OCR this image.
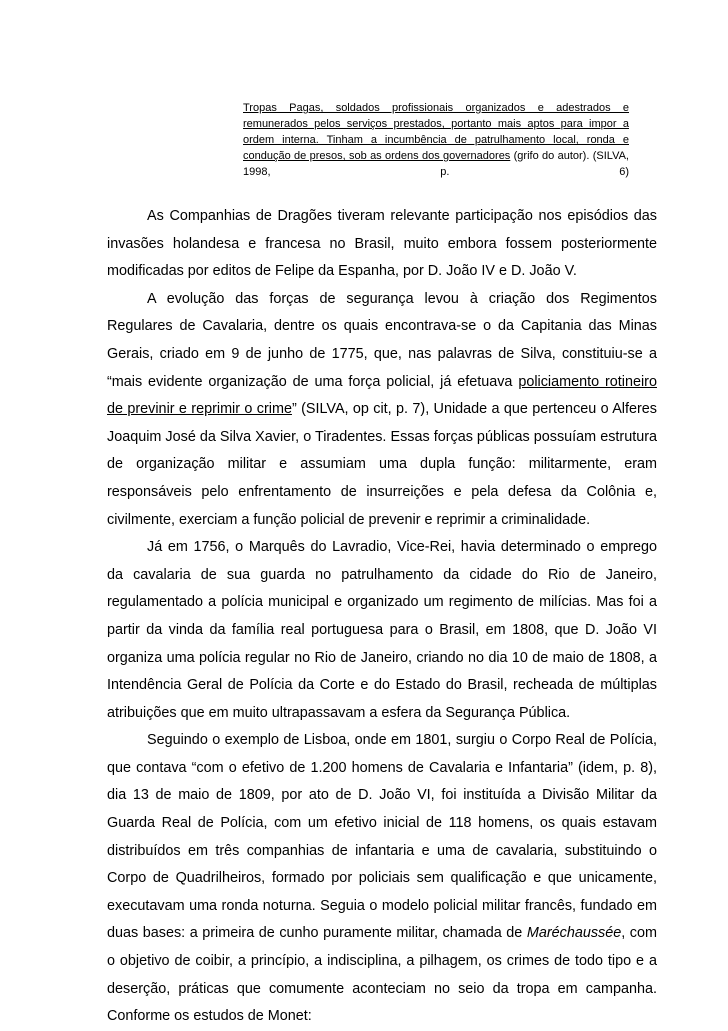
Tropas Pagas, soldados profissionais organizados e adestrados e remunerados pelos serviços prestados, portanto mais aptos para impor a ordem interna. Tinham a incumbência de patrulhamento local, ronda e condução de presos, sob as ordens dos governadores (grifo do autor). (SILVA, 1998, p. 6)

As Companhias de Dragões tiveram relevante participação nos episódios das invasões holandesa e francesa no Brasil, muito embora fossem posteriormente modificadas por editos de Felipe da Espanha, por D. João IV e D. João V.

A evolução das forças de segurança levou à criação dos Regimentos Regulares de Cavalaria, dentre os quais encontrava-se o da Capitania das Minas Gerais, criado em 9 de junho de 1775, que, nas palavras de Silva, constituiu-se a “mais evidente organização de uma força policial, já efetuava policiamento rotineiro de previnir e reprimir o crime” (SILVA, op cit, p. 7), Unidade a que pertenceu o Alferes Joaquim José da Silva Xavier, o Tiradentes. Essas forças públicas possuíam estrutura de organização militar e assumiam uma dupla função: militarmente, eram responsáveis pelo enfrentamento de insurreições e pela defesa da Colônia e, civilmente, exerciam a função policial de prevenir e reprimir a criminalidade.

Já em 1756, o Marquês do Lavradio, Vice-Rei, havia determinado o emprego da cavalaria de sua guarda no patrulhamento da cidade do Rio de Janeiro, regulamentado a polícia municipal e organizado um regimento de milícias. Mas foi a partir da vinda da família real portuguesa para o Brasil, em 1808, que D. João VI organiza uma polícia regular no Rio de Janeiro, criando no dia 10 de maio de 1808, a Intendência Geral de Polícia da Corte e do Estado do Brasil, recheada de múltiplas atribuições que em muito ultrapassavam a esfera da Segurança Pública.

Seguindo o exemplo de Lisboa, onde em 1801, surgiu o Corpo Real de Polícia, que contava “com o efetivo de 1.200 homens de Cavalaria e Infantaria” (idem, p. 8), dia 13 de maio de 1809, por ato de D. João VI, foi instituída a Divisão Militar da Guarda Real de Polícia, com um efetivo inicial de 118 homens, os quais estavam distribuídos em três companhias de infantaria e uma de cavalaria, substituindo o Corpo de Quadrilheiros, formado por policiais sem qualificação e que unicamente, executavam uma ronda noturna. Seguia o modelo policial militar francês, fundado em duas bases: a primeira de cunho puramente militar, chamada de Maréchaussée, com o objetivo de coibir, a princípio, a indisciplina, a pilhagem, os crimes de todo tipo e a deserção, práticas que comumente aconteciam no seio da tropa em campanha. Conforme os estudos de Monet:
